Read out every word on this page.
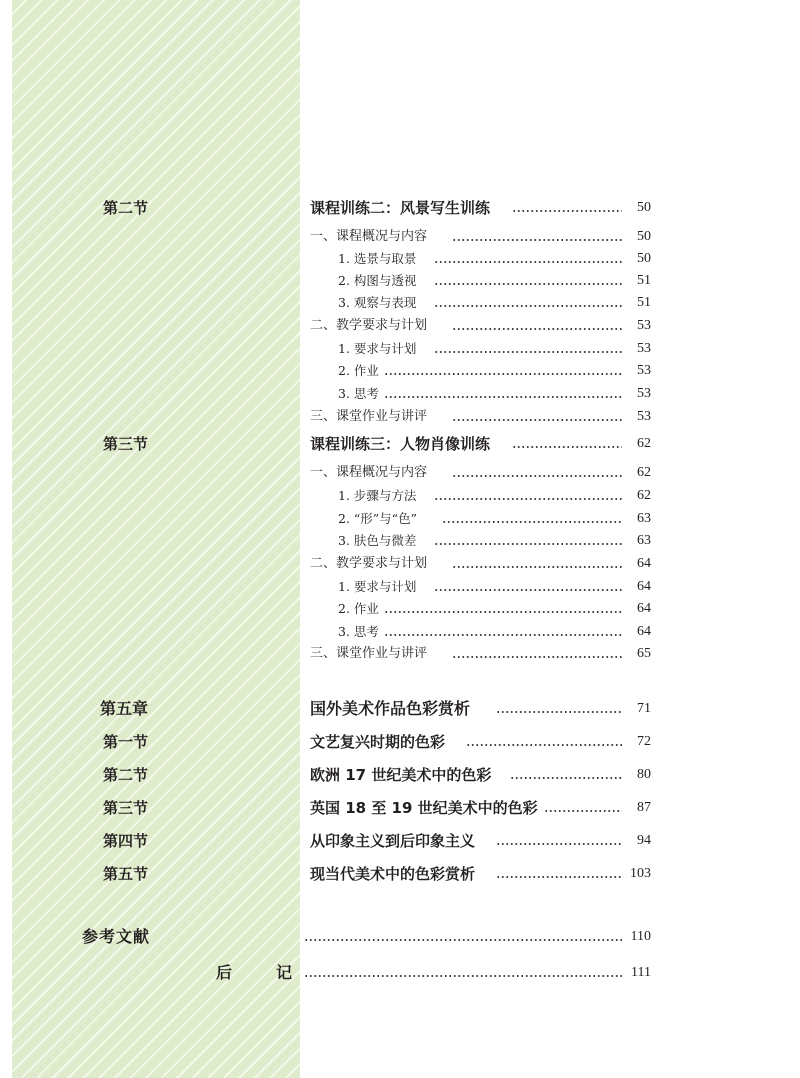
第二节	课程训练二：风景写生训练	50
一、课程概况与内容	50
1. 选景与取景	50
2. 构图与透视	51
3. 观察与表现	51
二、教学要求与计划	53
1. 要求与计划	53
2. 作业	53
3. 思考	53
三、课堂作业与讲评	53
第三节	课程训练三：人物肖像训练	62
一、课程概况与内容	62
1. 步骤与方法	62
2. “形”与“色”	63
3. 肤色与微差	63
二、教学要求与计划	64
1. 要求与计划	64
2. 作业	64
3. 思考	64
三、课堂作业与讲评	65
第五章	国外美术作品色彩赏析	71
第一节	文艺复兴时期的色彩	72
第二节	欧洲 17 世纪美术中的色彩	80
第三节	英国 18 至 19 世纪美术中的色彩	87
第四节	从印象主义到后印象主义	94
第五节	现当代美术中的色彩赏析	103
参考文献	110
后	记	111
